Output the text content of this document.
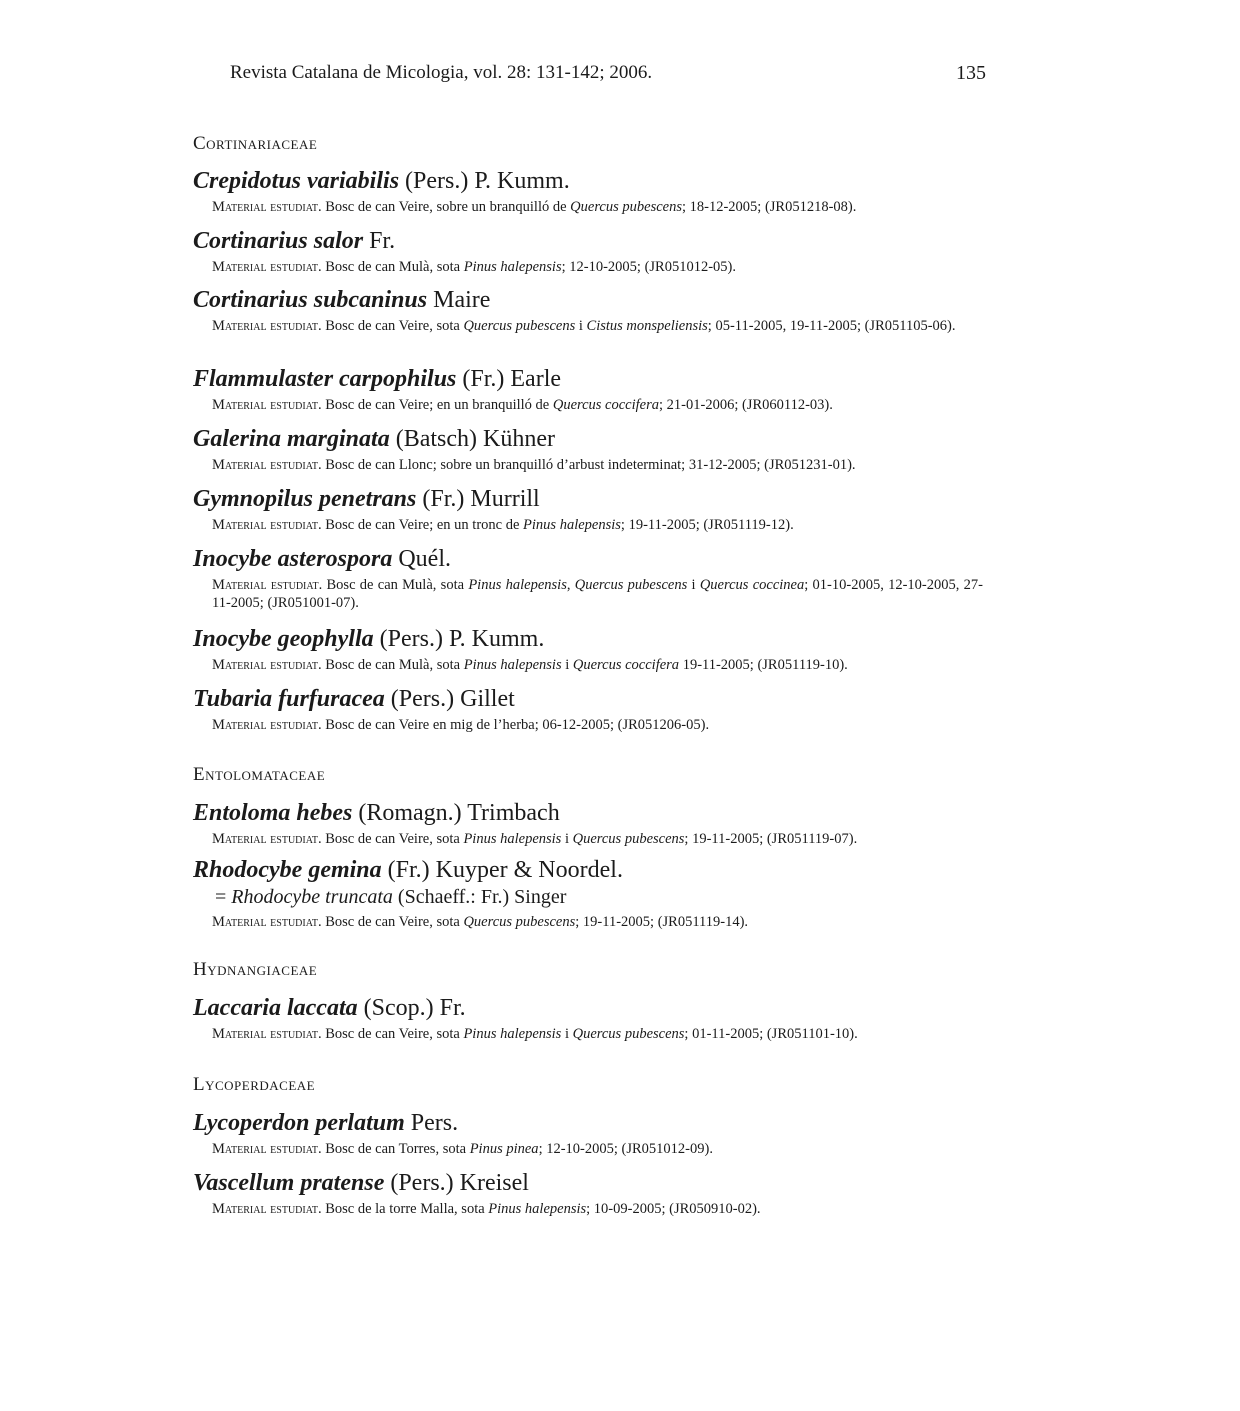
Revista Catalana de Micologia, vol. 28: 131-142; 2006.	135
Cortinariaceae
Crepidotus variabilis (Pers.) P. Kumm.
Material estudiat. Bosc de can Veire, sobre un branquilló de Quercus pubescens; 18-12-2005; (JR051218-08).
Cortinarius salor Fr.
Material estudiat. Bosc de can Mulà, sota Pinus halepensis; 12-10-2005; (JR051012-05).
Cortinarius subcaninus Maire
Material estudiat. Bosc de can Veire, sota Quercus pubescens i Cistus monspeliensis; 05-11-2005, 19-11-2005; (JR051105-06).
Flammulaster carpophilus (Fr.) Earle
Material estudiat. Bosc de can Veire; en un branquilló de Quercus coccifera; 21-01-2006; (JR060112-03).
Galerina marginata (Batsch) Kühner
Material estudiat. Bosc de can Llonc; sobre un branquilló d’arbust indeterminat; 31-12-2005; (JR051231-01).
Gymnopilus penetrans (Fr.) Murrill
Material estudiat. Bosc de can Veire; en un tronc de Pinus halepensis; 19-11-2005; (JR051119-12).
Inocybe asterospora Quél.
Material estudiat. Bosc de can Mulà, sota Pinus halepensis, Quercus pubescens i Quercus coccinea; 01-10-2005, 12-10-2005, 27-11-2005; (JR051001-07).
Inocybe geophylla (Pers.) P. Kumm.
Material estudiat. Bosc de can Mulà, sota Pinus halepensis i Quercus coccifera 19-11-2005; (JR051119-10).
Tubaria furfuracea (Pers.) Gillet
Material estudiat. Bosc de can Veire en mig de l’herba; 06-12-2005; (JR051206-05).
Entolomataceae
Entoloma hebes (Romagn.) Trimbach
Material estudiat. Bosc de can Veire, sota Pinus halepensis i Quercus pubescens; 19-11-2005; (JR051119-07).
Rhodocybe gemina (Fr.) Kuyper & Noordel.
= Rhodocybe truncata (Schaeff.: Fr.) Singer
Material estudiat. Bosc de can Veire, sota Quercus pubescens; 19-11-2005; (JR051119-14).
Hydnangiaceae
Laccaria laccata (Scop.) Fr.
Material estudiat. Bosc de can Veire, sota Pinus halepensis i Quercus pubescens; 01-11-2005; (JR051101-10).
Lycoperdaceae
Lycoperdon perlatum Pers.
Material estudiat. Bosc de can Torres, sota Pinus pinea; 12-10-2005; (JR051012-09).
Vascellum pratense (Pers.) Kreisel
Material estudiat. Bosc de la torre Malla, sota Pinus halepensis; 10-09-2005; (JR050910-02).
